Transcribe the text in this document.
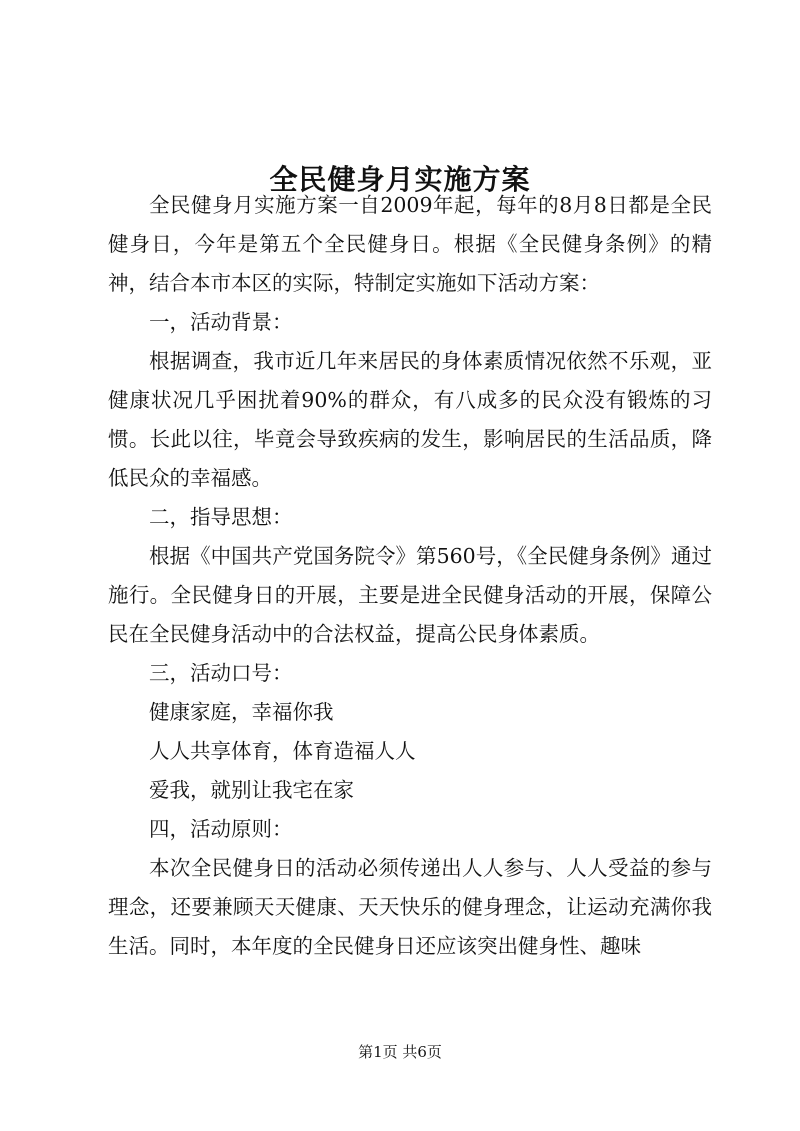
全民健身月实施方案

全民健身月实施方案一自2009年起，每年的8月8日都是全民健身日，今年是第五个全民健身日。根据《全民健身条例》的精神，结合本市本区的实际，特制定实施如下活动方案：

一，活动背景：

根据调查，我市近几年来居民的身体素质情况依然不乐观，亚健康状况几乎困扰着90%的群众，有八成多的民众没有锻炼的习惯。长此以往，毕竟会导致疾病的发生，影响居民的生活品质，降低民众的幸福感。

二，指导思想：

根据《中国共产党国务院令》第560号，《全民健身条例》通过施行。全民健身日的开展，主要是进全民健身活动的开展，保障公民在全民健身活动中的合法权益，提高公民身体素质。

三，活动口号：

健康家庭，幸福你我

人人共享体育，体育造福人人

爱我，就别让我宅在家

四，活动原则：

本次全民健身日的活动必须传递出人人参与、人人受益的参与理念，还要兼顾天天健康、天天快乐的健身理念，让运动充满你我生活。同时，本年度的全民健身日还应该突出健身性、趣味

第1页 共6页
